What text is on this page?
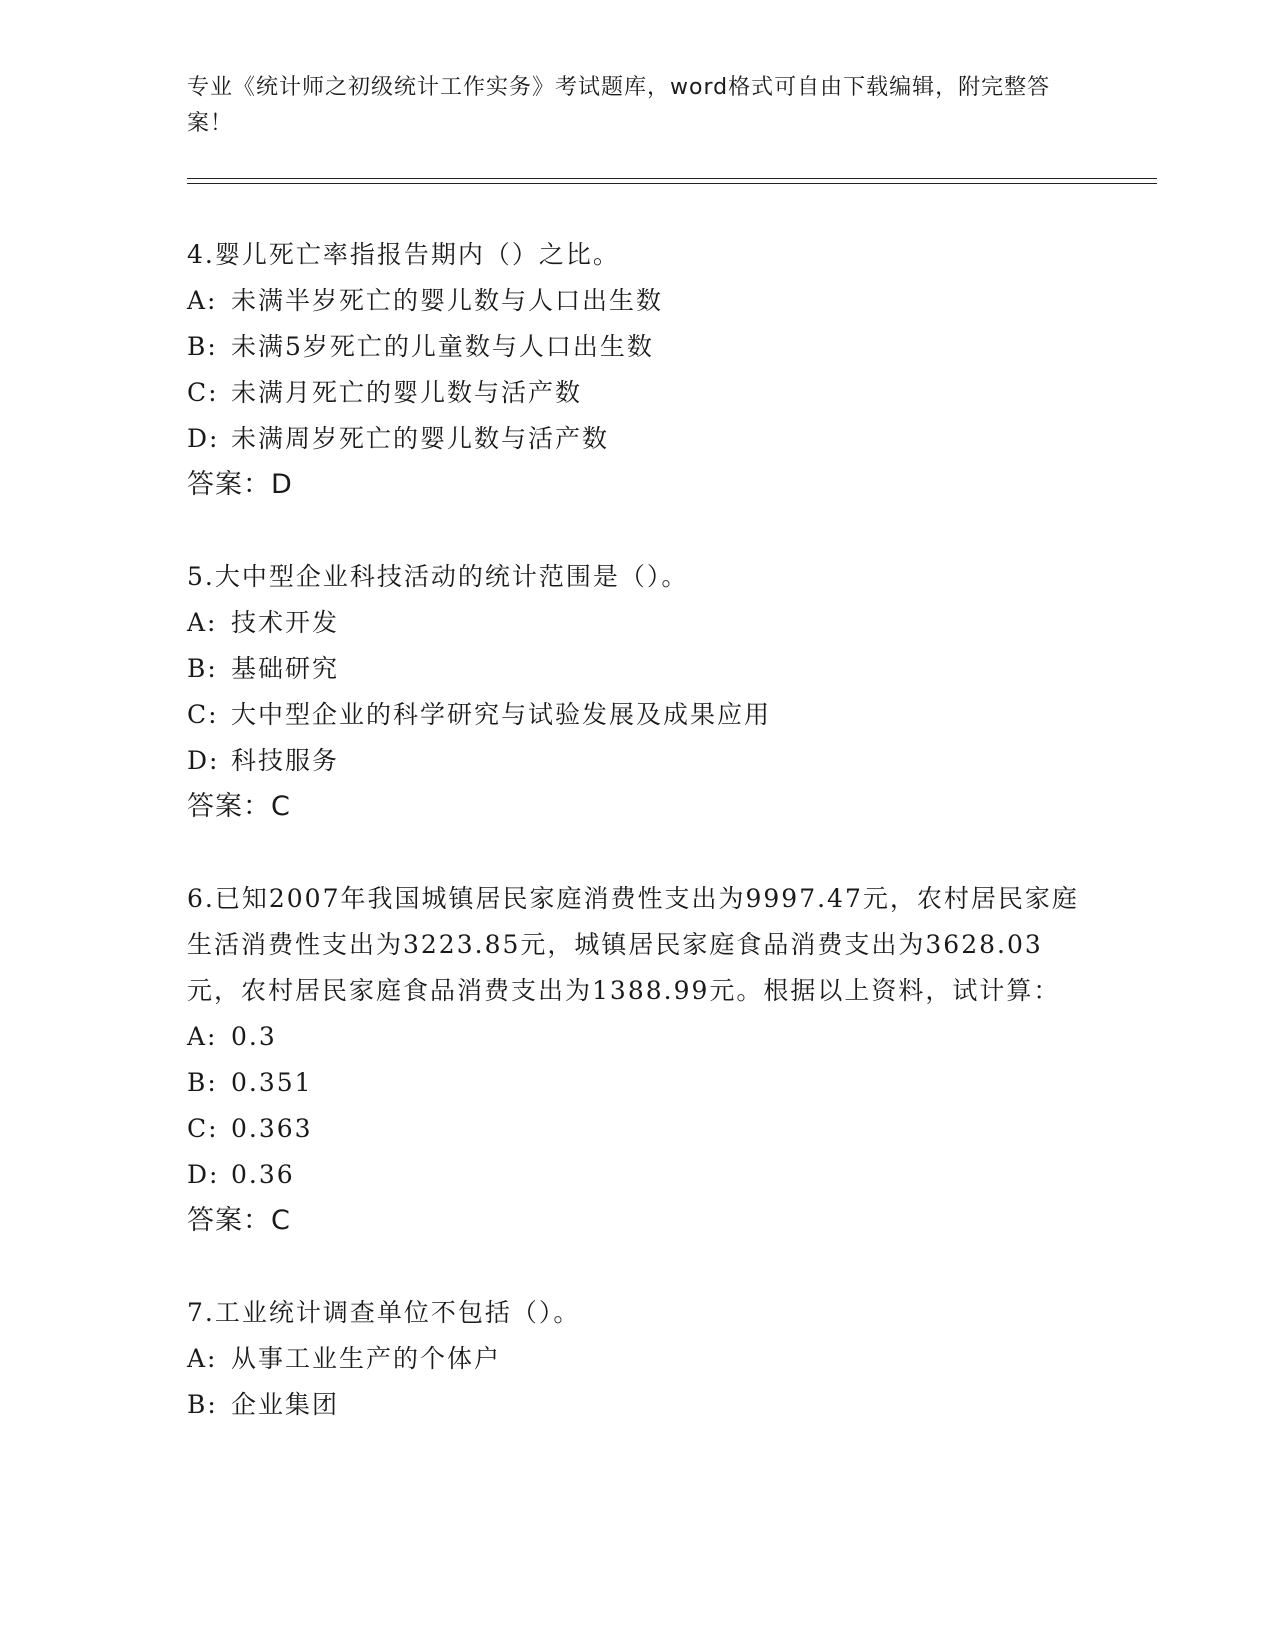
专业《统计师之初级统计工作实务》考试题库，word格式可自由下载编辑，附完整答案！
4.婴儿死亡率指报告期内（）之比。
A: 未满半岁死亡的婴儿数与人口出生数
B: 未满5岁死亡的儿童数与人口出生数
C: 未满月死亡的婴儿数与活产数
D: 未满周岁死亡的婴儿数与活产数
答案：D
5.大中型企业科技活动的统计范围是（）。
A: 技术开发
B: 基础研究
C: 大中型企业的科学研究与试验发展及成果应用
D: 科技服务
答案：C
6.已知2007年我国城镇居民家庭消费性支出为9997.47元，农村居民家庭生活消费性支出为3223.85元，城镇居民家庭食品消费支出为3628.03元，农村居民家庭食品消费支出为1388.99元。根据以上资料，试计算：
A: 0.3
B: 0.351
C: 0.363
D: 0.36
答案：C
7.工业统计调查单位不包括（）。
A: 从事工业生产的个体户
B: 企业集团
